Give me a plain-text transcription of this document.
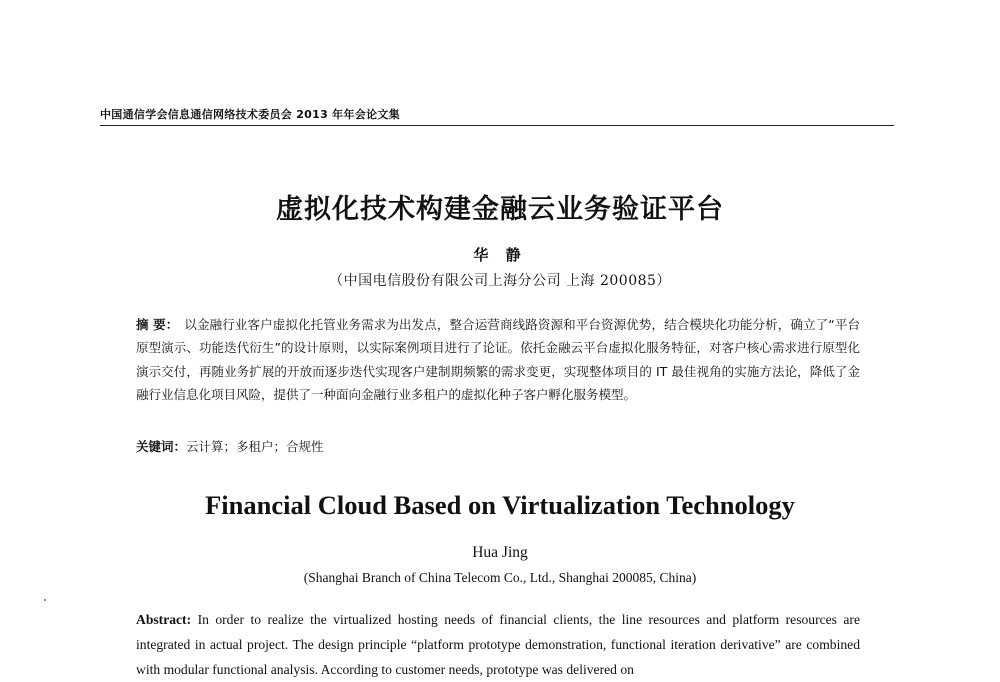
中国通信学会信息通信网络技术委员会 2013 年年会论文集
虚拟化技术构建金融云业务验证平台
华 静
（中国电信股份有限公司上海分公司 上海 200085）
摘 要： 以金融行业客户虚拟化托管业务需求为出发点，整合运营商线路资源和平台资源优势，结合模块化功能分析，确立了“平台原型演示、功能迭代衍生”的设计原则，以实际案例项目进行了论证。依托金融云平台虚拟化服务特征，对客户核心需求进行原型化演示交付，再随业务扩展的开放而逐步迭代实现客户建制期频繁的需求变更，实现整体项目的 IT 最佳视角的实施方法论，降低了金融行业信息化项目风险，提供了一种面向金融行业多租户的虚拟化种子客户孵化服务模型。
关键词：云计算；多租户；合规性
Financial Cloud Based on Virtualization Technology
Hua Jing
(Shanghai Branch of China Telecom Co., Ltd., Shanghai 200085, China)
Abstract: In order to realize the virtualized hosting needs of financial clients, the line resources and platform resources are integrated in actual project. The design principle “platform prototype demonstration, functional iteration derivative” are combined with modular functional analysis. According to customer needs, prototype was delivered on
